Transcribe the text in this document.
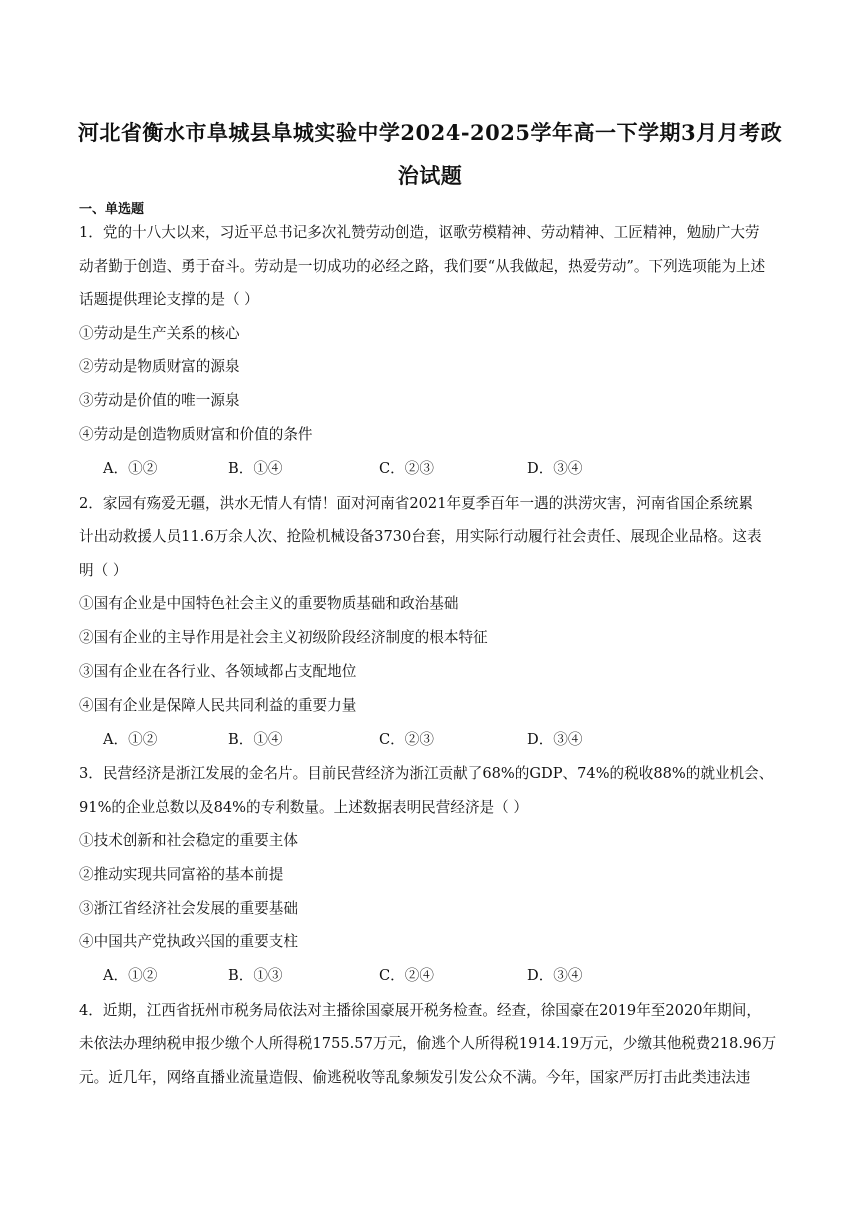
河北省衡水市阜城县阜城实验中学2024-2025学年高一下学期3月月考政
治试题
一、单选题
1．党的十八大以来，习近平总书记多次礼赞劳动创造，讴歌劳模精神、劳动精神、工匠精神，勉励广大劳
动者勤于创造、勇于奋斗。劳动是一切成功的必经之路，我们要“从我做起，热爱劳动”。下列选项能为上述
话题提供理论支撑的是（ ）
①劳动是生产关系的核心
②劳动是物质财富的源泉
③劳动是价值的唯一源泉
④劳动是创造物质财富和价值的条件
A．①②	B．①④	C．②③	D．③④
2．家园有殇爱无疆，洪水无情人有情！面对河南省2021年夏季百年一遇的洪涝灾害，河南省国企系统累
计出动救援人员11.6万余人次、抢险机械设备3730台套，用实际行动履行社会责任、展现企业品格。这表
明（ ）
①国有企业是中国特色社会主义的重要物质基础和政治基础
②国有企业的主导作用是社会主义初级阶段经济制度的根本特征
③国有企业在各行业、各领域都占支配地位
④国有企业是保障人民共同利益的重要力量
A．①②	B．①④	C．②③	D．③④
3．民营经济是浙江发展的金名片。目前民营经济为浙江贡献了68%的GDP、74%的税收88%的就业机会、
91%的企业总数以及84%的专利数量。上述数据表明民营经济是（ ）
①技术创新和社会稳定的重要主体
②推动实现共同富裕的基本前提
③浙江省经济社会发展的重要基础
④中国共产党执政兴国的重要支柱
A．①②	B．①③	C．②④	D．③④
4．近期，江西省抚州市税务局依法对主播徐国豪展开税务检查。经查，徐国豪在2019年至2020年期间，
未依法办理纳税申报少缴个人所得税1755.57万元，偷逃个人所得税1914.19万元，少缴其他税费218.96万
元。近几年，网络直播业流量造假、偷逃税收等乱象频发引发公众不满。今年，国家严厉打击此类违法违
